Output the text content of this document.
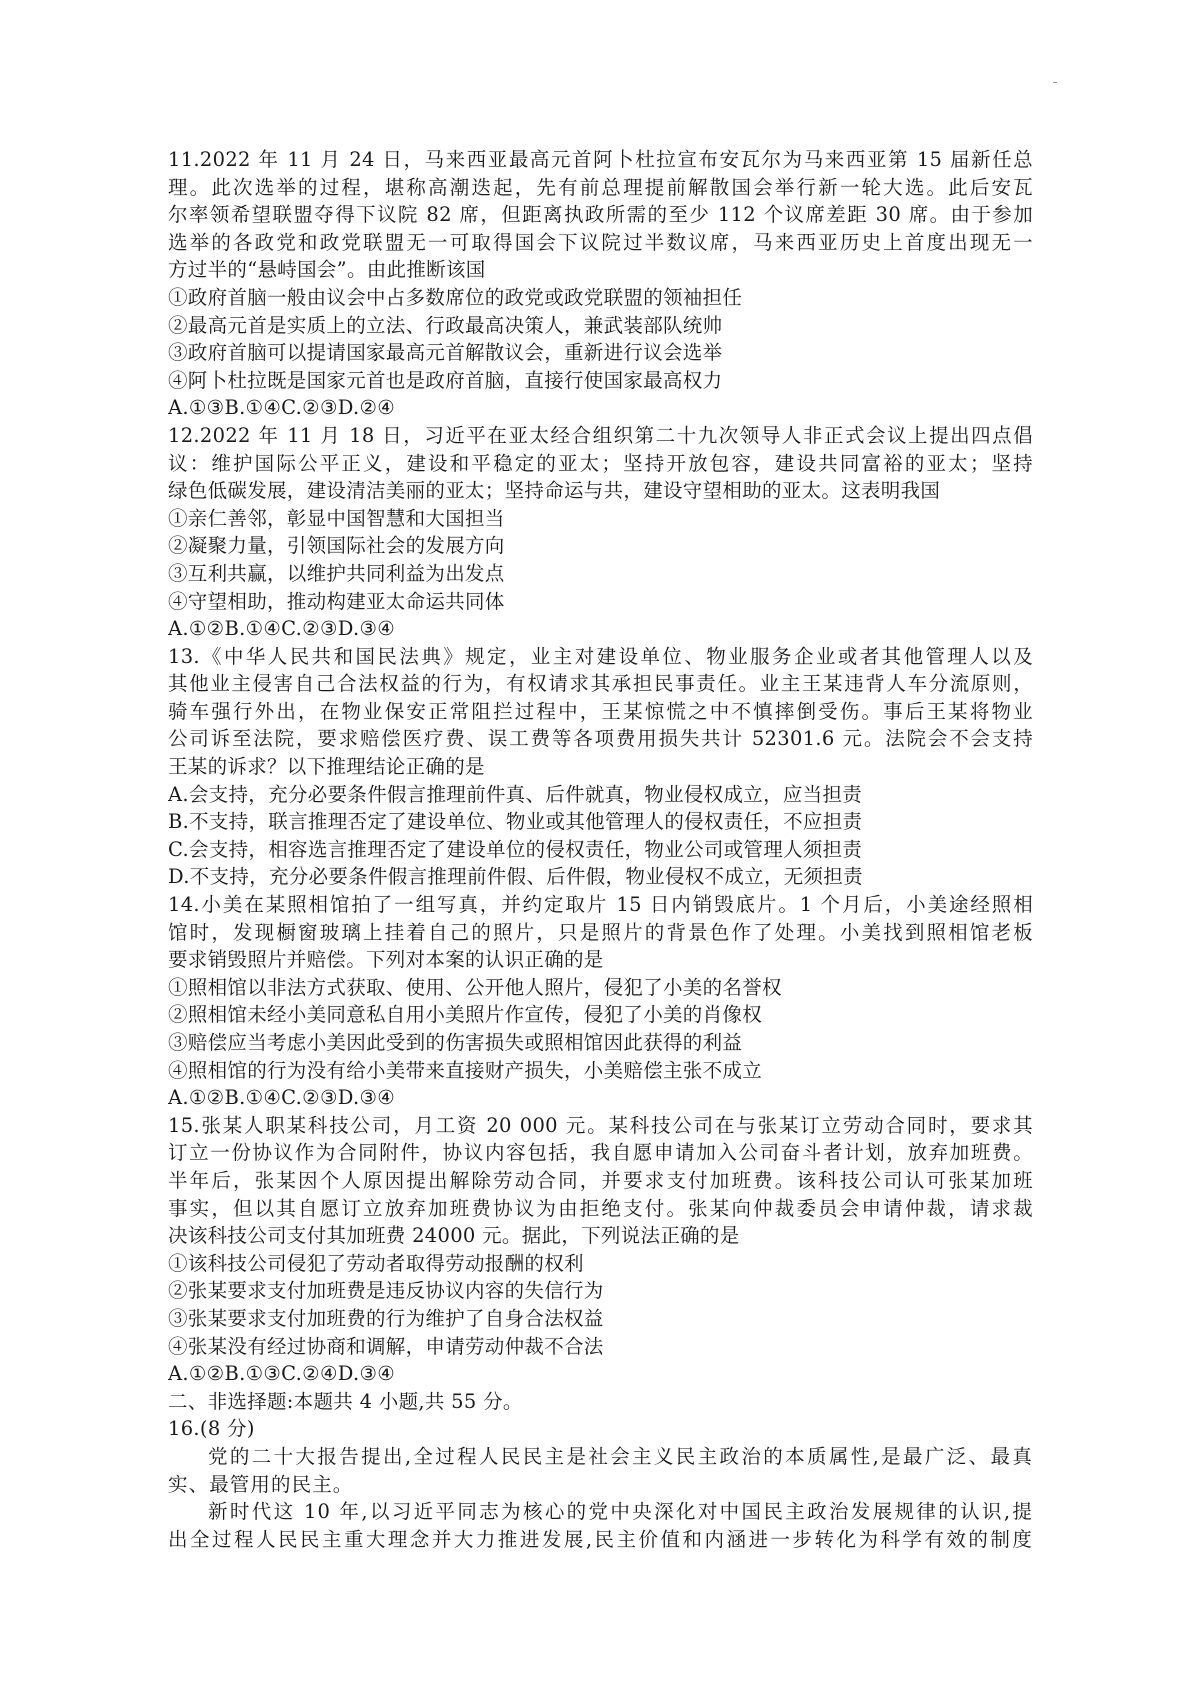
11.2022 年 11 月 24 日，马来西亚最高元首阿卜杜拉宣布安瓦尔为马来西亚第 15 届新任总
理。此次选举的过程，堪称高潮迭起，先有前总理提前解散国会举行新一轮大选。此后安瓦
尔率领希望联盟夺得下议院 82 席，但距离执政所需的至少 112 个议席差距 30 席。由于参加
选举的各政党和政党联盟无一可取得国会下议院过半数议席，马来西亚历史上首度出现无一
方过半的“悬峙国会”。由此推断该国
①政府首脑一般由议会中占多数席位的政党或政党联盟的领袖担任
②最高元首是实质上的立法、行政最高决策人，兼武装部队统帅
③政府首脑可以提请国家最高元首解散议会，重新进行议会选举
④阿卜杜拉既是国家元首也是政府首脑，直接行使国家最高权力
A.①③B.①④C.②③D.②④
12.2022 年 11 月 18 日，习近平在亚太经合组织第二十九次领导人非正式会议上提出四点倡
议：维护国际公平正义，建设和平稳定的亚太；坚持开放包容，建设共同富裕的亚太；坚持
绿色低碳发展，建设清洁美丽的亚太；坚持命运与共，建设守望相助的亚太。这表明我国
①亲仁善邻，彰显中国智慧和大国担当
②凝聚力量，引领国际社会的发展方向
③互利共赢，以维护共同利益为出发点
④守望相助，推动构建亚太命运共同体
A.①②B.①④C.②③D.③④
13.《中华人民共和国民法典》规定，业主对建设单位、物业服务企业或者其他管理人以及
其他业主侵害自己合法权益的行为，有权请求其承担民事责任。业主王某违背人车分流原则，
骑车强行外出，在物业保安正常阻拦过程中，王某惊慌之中不慎摔倒受伤。事后王某将物业
公司诉至法院，要求赔偿医疗费、误工费等各项费用损失共计 52301.6 元。法院会不会支持
王某的诉求？以下推理结论正确的是
A.会支持，充分必要条件假言推理前件真、后件就真，物业侵权成立，应当担责
B.不支持，联言推理否定了建设单位、物业或其他管理人的侵权责任，不应担责
C.会支持，相容选言推理否定了建设单位的侵权责任，物业公司或管理人须担责
D.不支持，充分必要条件假言推理前件假、后件假，物业侵权不成立，无须担责
14.小美在某照相馆拍了一组写真，并约定取片 15 日内销毁底片。1 个月后，小美途经照相
馆时，发现橱窗玻璃上挂着自己的照片，只是照片的背景色作了处理。小美找到照相馆老板
要求销毁照片并赔偿。下列对本案的认识正确的是
①照相馆以非法方式获取、使用、公开他人照片，侵犯了小美的名誉权
②照相馆未经小美同意私自用小美照片作宣传，侵犯了小美的肖像权
③赔偿应当考虑小美因此受到的伤害损失或照相馆因此获得的利益
④照相馆的行为没有给小美带来直接财产损失，小美赔偿主张不成立
A.①②B.①④C.②③D.③④
15.张某人职某科技公司，月工资 20 000 元。某科技公司在与张某订立劳动合同时，要求其
订立一份协议作为合同附件，协议内容包括，我自愿申请加入公司奋斗者计划，放弃加班费。
半年后，张某因个人原因提出解除劳动合同，并要求支付加班费。该科技公司认可张某加班
事实，但以其自愿订立放弃加班费协议为由拒绝支付。张某向仲裁委员会申请仲裁，请求裁
决该科技公司支付其加班费 24000 元。据此，下列说法正确的是
①该科技公司侵犯了劳动者取得劳动报酬的权利
②张某要求支付加班费是违反协议内容的失信行为
③张某要求支付加班费的行为维护了自身合法权益
④张某没有经过协商和调解，申请劳动仲裁不合法
A.①②B.①③C.②④D.③④
二、非选择题:本题共 4 小题,共 55 分。
16.(8 分)
党的二十大报告提出,全过程人民民主是社会主义民主政治的本质属性,是最广泛、最真
实、最管用的民主。
新时代这 10 年,以习近平同志为核心的党中央深化对中国民主政治发展规律的认识,提
出全过程人民民主重大理念并大力推进发展,民主价值和内涵进一步转化为科学有效的制度
